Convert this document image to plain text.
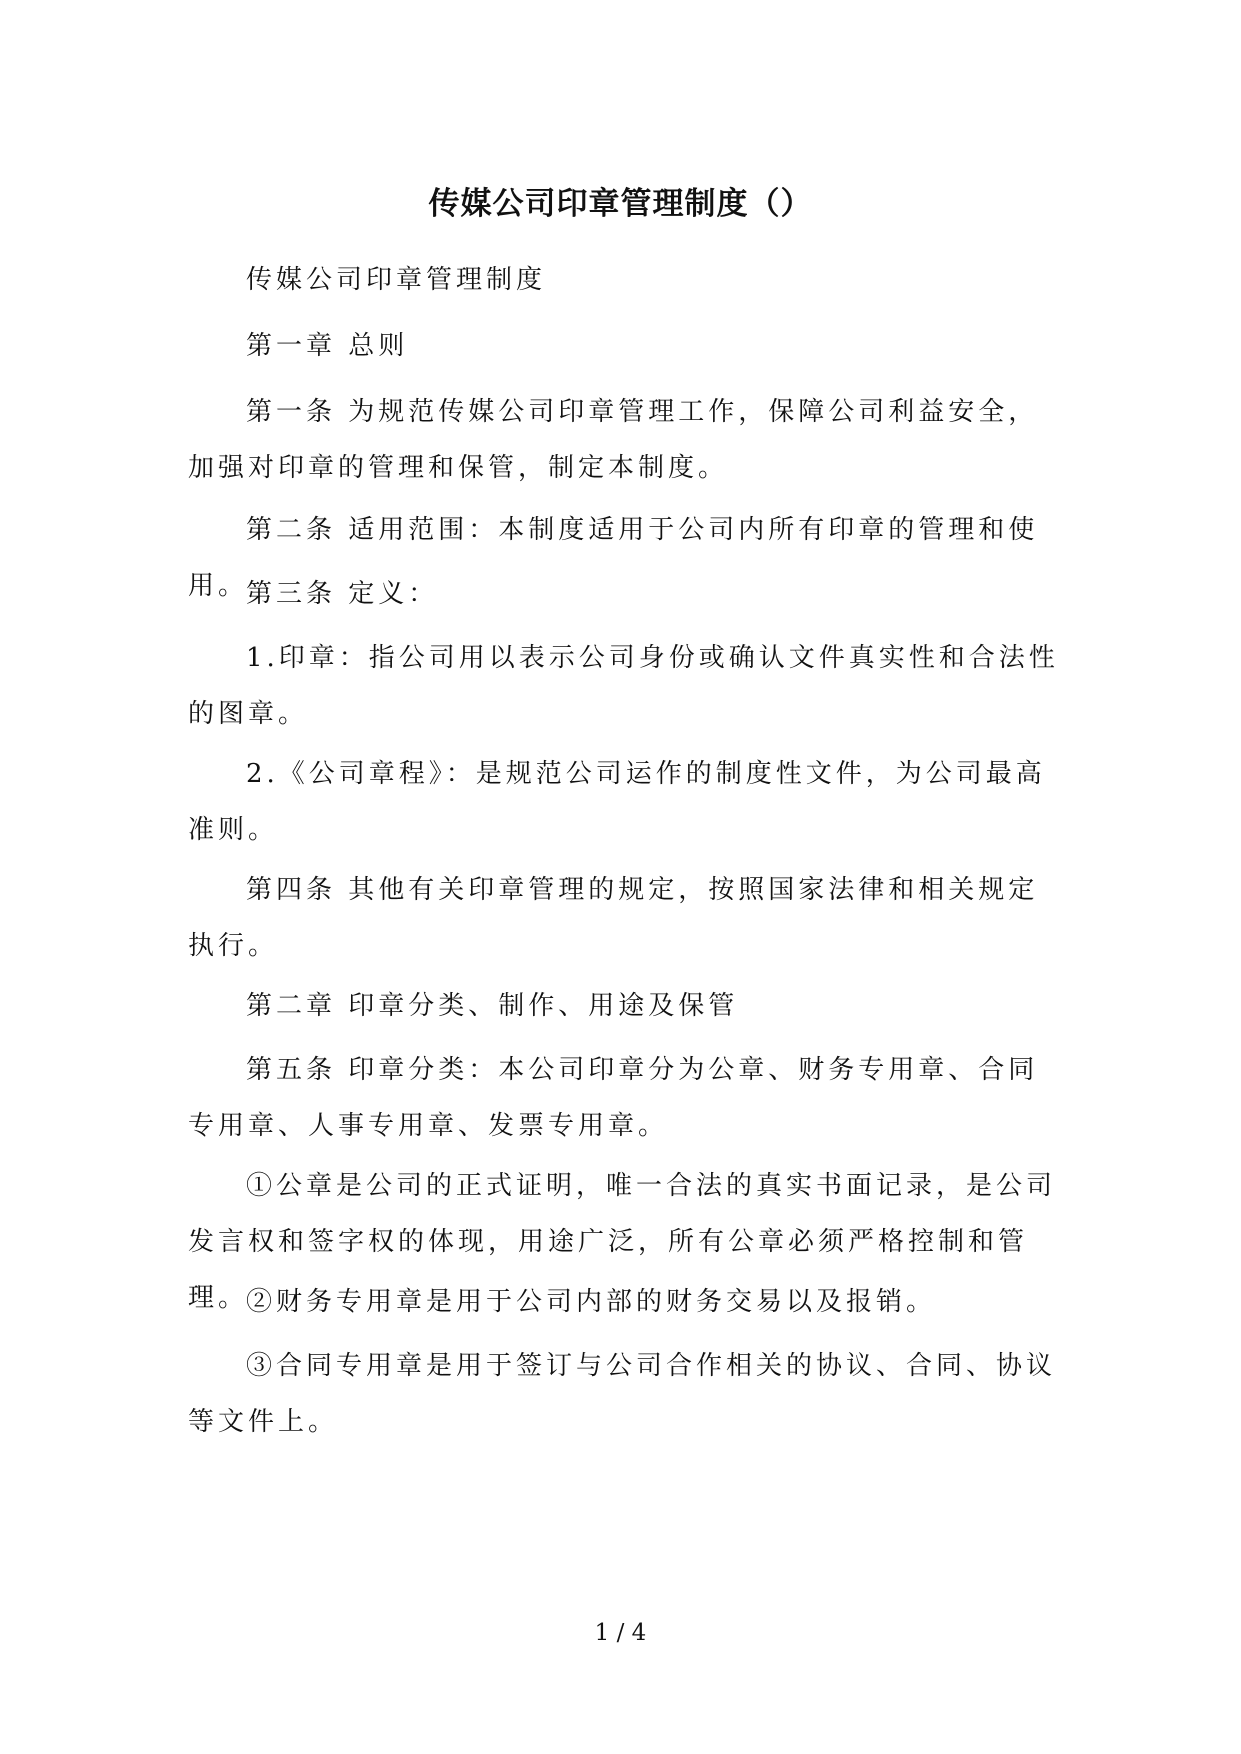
传媒公司印章管理制度（）
传媒公司印章管理制度
第一章 总则
第一条 为规范传媒公司印章管理工作，保障公司利益安全，加强对印章的管理和保管，制定本制度。
第二条 适用范围：本制度适用于公司内所有印章的管理和使用。
第三条 定义：
1.印章：指公司用以表示公司身份或确认文件真实性和合法性的图章。
2.《公司章程》：是规范公司运作的制度性文件，为公司最高准则。
第四条 其他有关印章管理的规定，按照国家法律和相关规定执行。
第二章 印章分类、制作、用途及保管
第五条 印章分类：本公司印章分为公章、财务专用章、合同专用章、人事专用章、发票专用章。
①公章是公司的正式证明，唯一合法的真实书面记录，是公司发言权和签字权的体现，用途广泛，所有公章必须严格控制和管理。
②财务专用章是用于公司内部的财务交易以及报销。
③合同专用章是用于签订与公司合作相关的协议、合同、协议等文件上。
1 / 4
